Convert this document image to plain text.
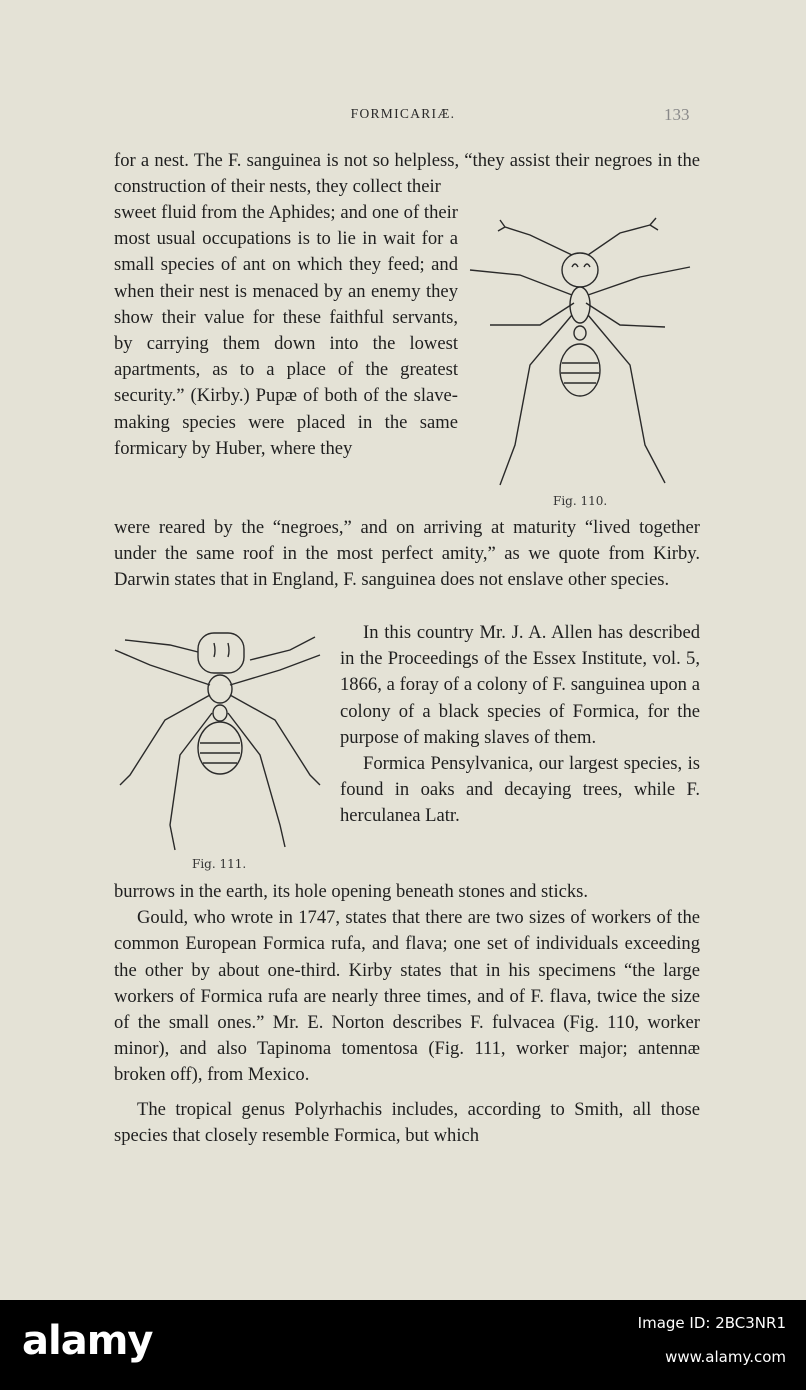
FORMICARIÆ.	133

for a nest. The F. sanguinea is not so helpless, “they assist their negroes in the construction of their nests, they collect their

sweet fluid from the Aphides; and one of their most usual occupations is to lie in wait for a small species of ant on which they feed; and when their nest is menaced by an enemy they show their value for these faithful servants, by carrying them down into the lowest apartments, as to a place of the greatest security.” (Kirby.) Pupæ of both of the slave-making species were placed in the same formicary by Huber, where they

Fig. 110.

were reared by the “negroes,” and on arriving at maturity “lived together under the same roof in the most perfect amity,” as we quote from Kirby. Darwin states that in England, F. sanguinea does not enslave other species.

In this country Mr. J. A. Allen has described in the Proceedings of the Essex Institute, vol. 5, 1866, a foray of a colony of F. sanguinea upon a colony of a black species of Formica, for the purpose of making slaves of them.

Formica Pensylvanica, our largest species, is found in oaks and decaying trees, while F. herculanea Latr.

Fig. 111.

burrows in the earth, its hole opening beneath stones and sticks.

Gould, who wrote in 1747, states that there are two sizes of workers of the common European Formica rufa, and flava; one set of individuals exceeding the other by about one-third. Kirby states that in his specimens “the large workers of Formica rufa are nearly three times, and of F. flava, twice the size of the small ones.” Mr. E. Norton describes F. fulvacea (Fig. 110, worker minor), and also Tapinoma tomentosa (Fig. 111, worker major; antennæ broken off), from Mexico.

The tropical genus Polyrhachis includes, according to Smith, all those species that closely resemble Formica, but which

alamy	Image ID: 2BC3NR1
www.alamy.com
